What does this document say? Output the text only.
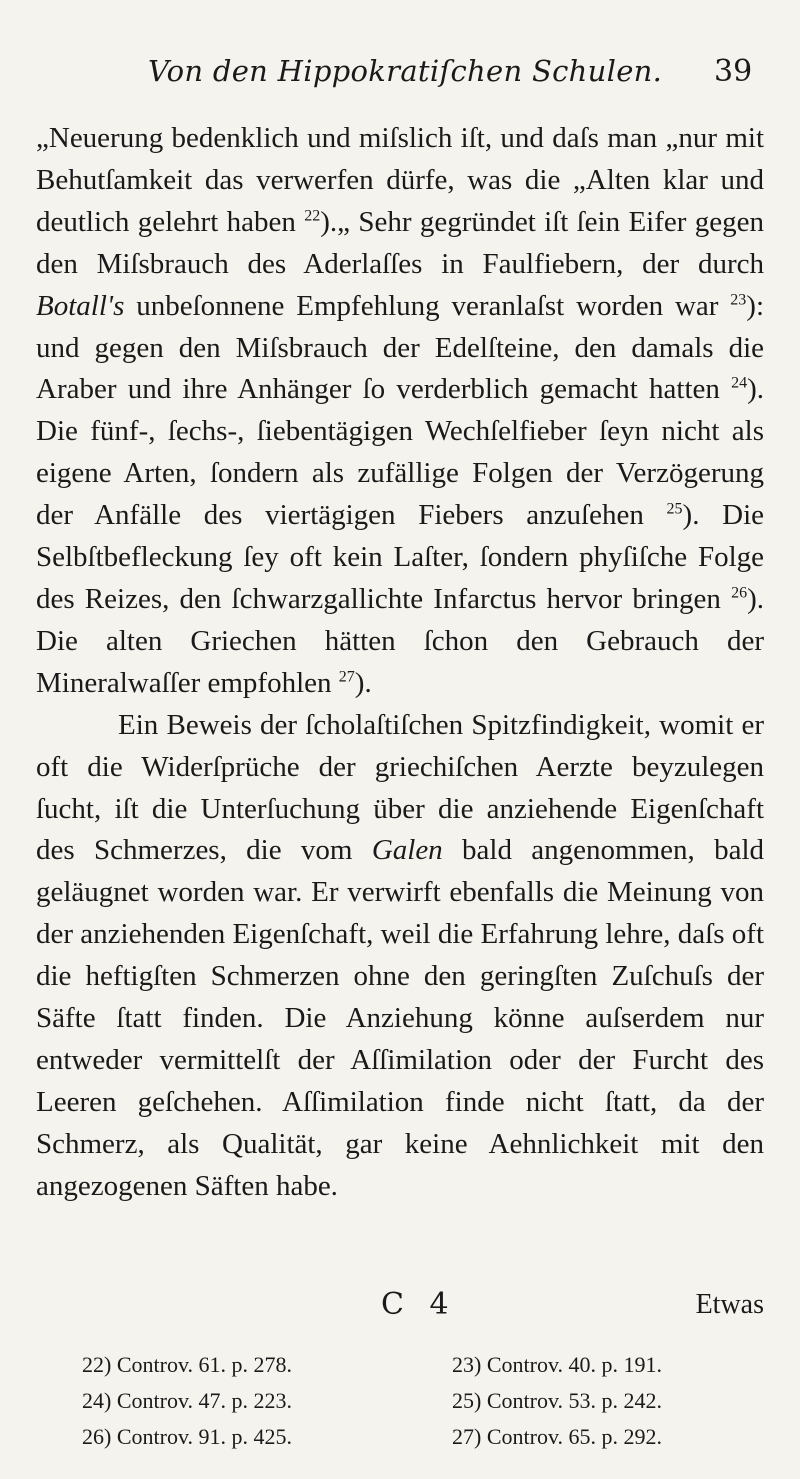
Von den Hippokratiſchen Schulen. 39

„Neuerung bedenklich und miſslich iſt, und daſs man „nur mit Behutſamkeit das verwerfen dürfe, was die „Alten klar und deutlich gelehrt haben $^{22}$).„ Sehr gegründet iſt ſein Eifer gegen den Miſsbrauch des Aderlaſſes in Faulfiebern, der durch Botall's unbeſonnene Empfehlung veranlaſst worden war $^{23}$): und gegen den Miſsbrauch der Edelſteine, den damals die Araber und ihre Anhänger ſo verderblich gemacht hatten $^{24}$). Die fünf-, ſechs-, ſiebentägigen Wechſelfieber ſeyn nicht als eigene Arten, ſondern als zufällige Folgen der Verzögerung der Anfälle des viertägigen Fiebers anzuſehen $^{25}$). Die Selbſtbefleckung ſey oft kein Laſter, ſondern phyſiſche Folge des Reizes, den ſchwarzgallichte Infarctus hervor bringen $^{26}$). Die alten Griechen hätten ſchon den Gebrauch der Mineralwaſſer empfohlen $^{27}$).

Ein Beweis der ſcholaſtiſchen Spitzfindigkeit, womit er oft die Widerſprüche der griechiſchen Aerzte beyzulegen ſucht, iſt die Unterſuchung über die anziehende Eigenſchaft des Schmerzes, die vom Galen bald angenommen, bald geläugnet worden war. Er verwirft ebenfalls die Meinung von der anziehenden Eigenſchaft, weil die Erfahrung lehre, daſs oft die heftigſten Schmerzen ohne den geringſten Zuſchuſs der Säfte ſtatt finden. Die Anziehung könne auſserdem nur entweder vermittelſt der Aſſimilation oder der Furcht des Leeren geſchehen. Aſſimilation finde nicht ſtatt, da der Schmerz, als Qualität, gar keine Aehnlichkeit mit den angezogenen Säften habe.

C 4	Etwas
22) Controv. 61. p. 278.	23) Controv. 40. p. 191.
24) Controv. 47. p. 223.	25) Controv. 53. p. 242.
26) Controv. 91. p. 425.	27) Controv. 65. p. 292.
